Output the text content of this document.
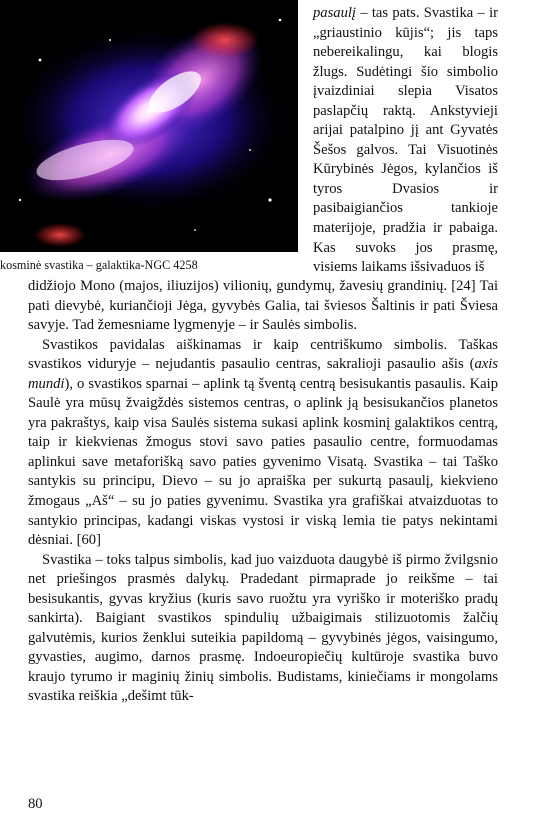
kosminė svastika – galaktika-NGC 4258

pasaulį – tas pats. Svastika – ir „griaustinio kūjis“; jis taps nebereikalingu, kai blogis žlugs. Sudėtingi šio simbolio įvaizdiniai slepia Visatos paslapčių raktą. Ankstyvieji arijai patalpino jį ant Gyvatės Šešos galvos. Tai Visuotinės Kūrybinės Jėgos, kylančios iš tyros Dvasios ir pasibaigiančios tankioje materijoje, pradžia ir pabaiga. Kas suvoks jos prasmę, visiems laikams išsivaduos iš

didžiojo Mono (majos, iliuzijos) vilionių, gundymų, žavesių grandinių. [24] Tai pati dievybė, kuriančioji Jėga, gyvybės Galia, tai šviesos Šaltinis ir pati Šviesa savyje. Tad žemesniame lygmenyje – ir Saulės simbolis.

Svastikos pavidalas aiškinamas ir kaip centriškumo simbolis. Taškas svastikos viduryje – nejudantis pasaulio centras, sakralioji pasaulio ašis (axis mundi), o svastikos sparnai – aplink tą šventą centrą besisukantis pasaulis. Kaip Saulė yra mūsų žvaigždės sistemos centras, o aplink ją besisukančios planetos yra pakraštys, kaip visa Saulės sistema sukasi aplink kosminį galaktikos centrą, taip ir kiekvienas žmogus stovi savo paties pasaulio centre, formuodamas aplinkui save metaforišką savo paties gyvenimo Visatą. Svastika – tai Taško santykis su principu, Dievo – su jo apraiška per sukurtą pasaulį, kiekvieno žmogaus „Aš“ – su jo paties gyvenimu. Svastika yra grafiškai atvaizduotas to santykio principas, kadangi viskas vystosi ir viską lemia tie patys nekintami dėsniai. [60]

Svastika – toks talpus simbolis, kad juo vaizduota daugybė iš pirmo žvilgsnio net priešingos prasmės dalykų. Pradedant pirmaprade jo reikšme – tai besisukantis, gyvas kryžius (kuris savo ruožtu yra vyriško ir moteriško pradų sankirta). Baigiant svastikos spindulių užbaigimais stilizuotomis žalčių galvutėmis, kurios ženklui suteikia papildomą – gyvybinės jėgos, vaisingumo, gyvasties, augimo, darnos prasmę. Indoeuropiečių kultūroje svastika buvo kraujo tyrumo ir maginių žinių simbolis. Budistams, kiniečiams ir mongolams svastika reiškia „dešimt tūk-

80
